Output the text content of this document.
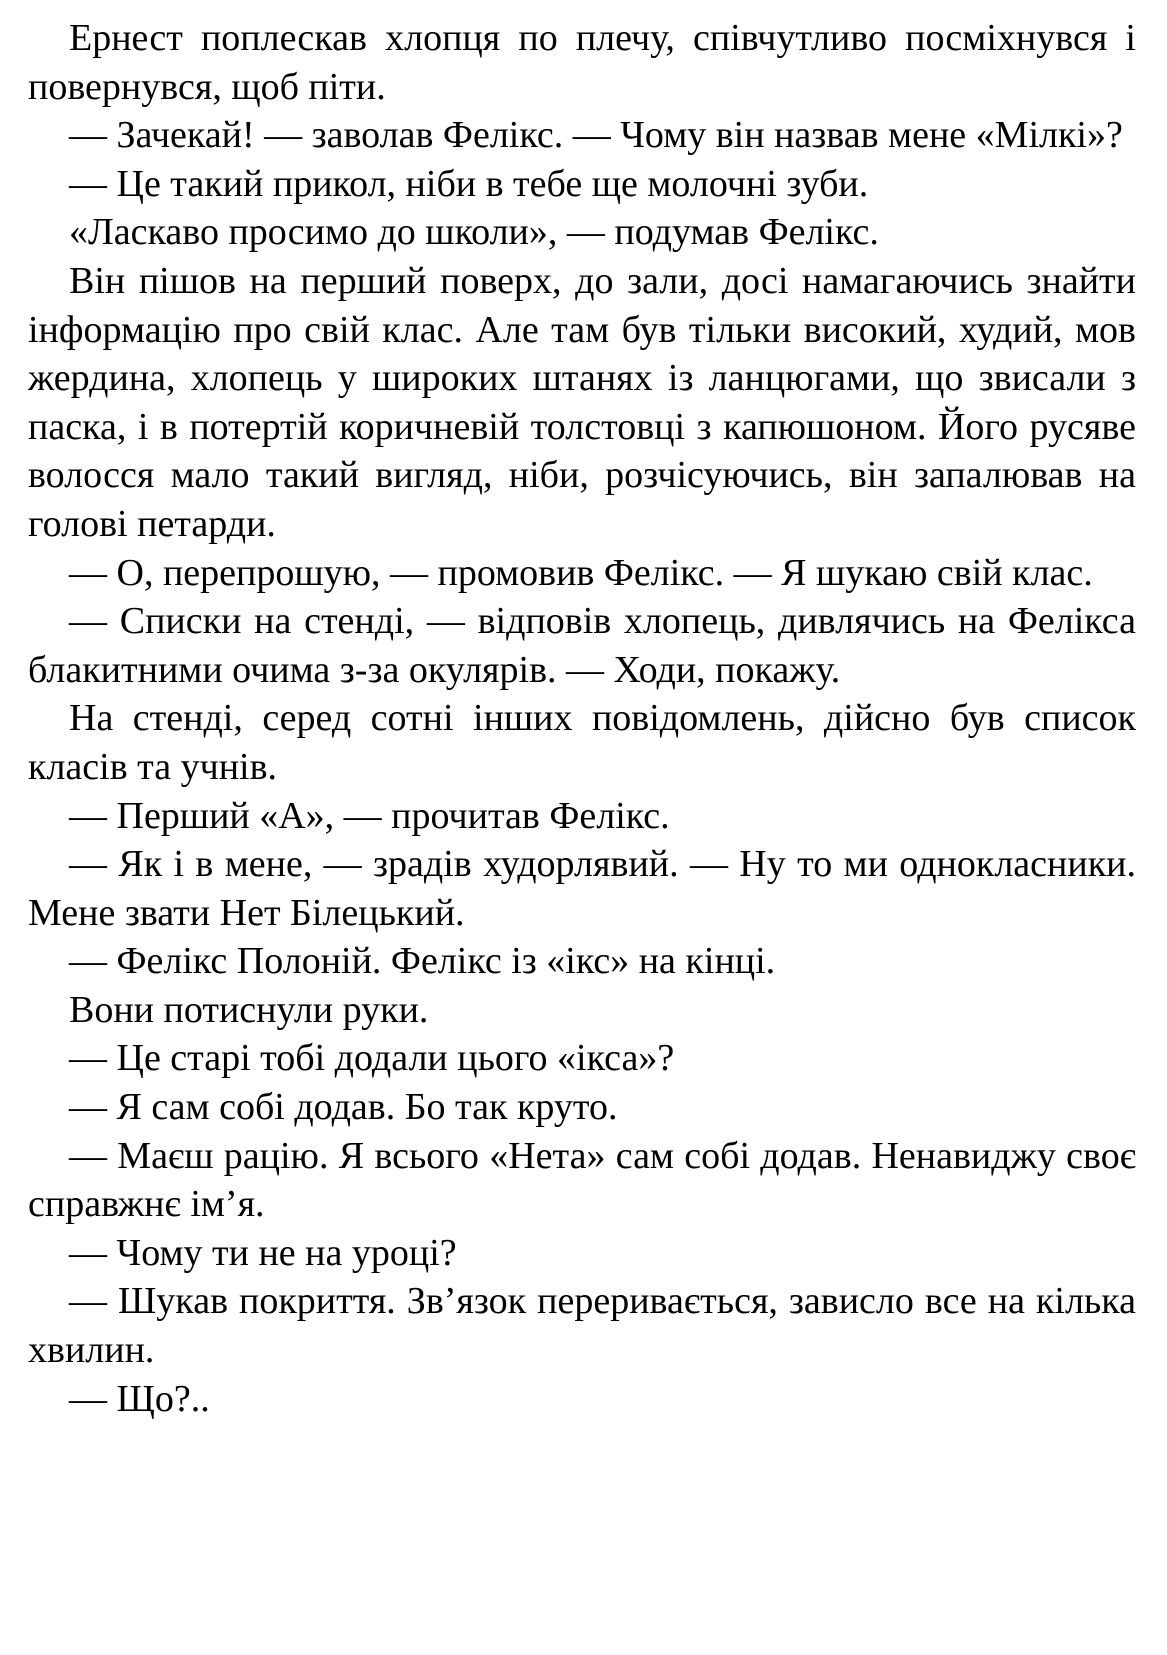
Ернест поплескав хлопця по плечу, співчутливо посміхнувся і повернувся, щоб піти.

— Зачекай! — заволав Фелікс. — Чому він назвав мене «Мілкі»?

— Це такий прикол, ніби в тебе ще молочні зуби.

«Ласкаво просимо до школи», — подумав Фелікс.

Він пішов на перший поверх, до зали, досі намагаючись знайти інформацію про свій клас. Але там був тільки високий, худий, мов жердина, хлопець у широких штанях із ланцюгами, що звисали з паска, і в потертій коричневій толстовці з капюшоном. Його русяве волосся мало такий вигляд, ніби, розчісуючись, він запалював на голові петарди.

— О, перепрошую, — промовив Фелікс. — Я шукаю свій клас.

— Списки на стенді, — відповів хлопець, дивлячись на Фелікса блакитними очима з-за окулярів. — Ходи, покажу.

На стенді, серед сотні інших повідомлень, дійсно був список класів та учнів.

— Перший «А», — прочитав Фелікс.

— Як і в мене, — зрадів худорлявий. — Ну то ми однокласники. Мене звати Нет Білецький.

— Фелікс Полоній. Фелікс із «ікс» на кінці.

Вони потиснули руки.

— Це старі тобі додали цього «ікса»?

— Я сам собі додав. Бо так круто.

— Маєш рацію. Я всього «Нета» сам собі додав. Ненавиджу своє справжнє ім’я.

— Чому ти не на уроці?

— Шукав покриття. Зв’язок переривається, зависло все на кілька хвилин.

— Що?..
